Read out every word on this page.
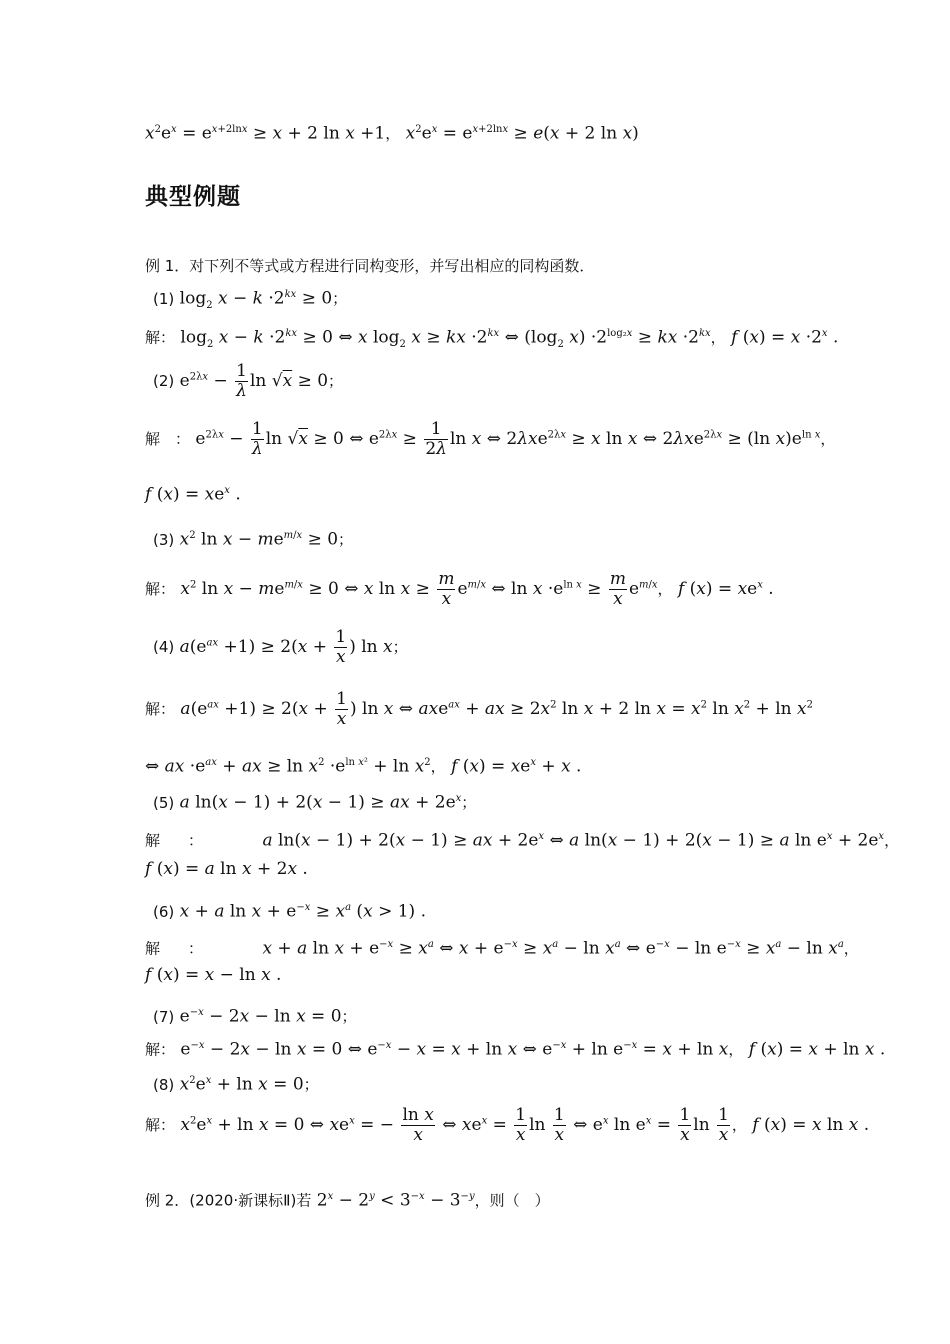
$x^2e^x = e^{x+2lnx} \ge x + 2$ ln x +1， $x^2e^x = e^{x+2lnx} \ge e(x + 2$ ln x)
典型例题
例 1．对下列不等式或方程进行同构变形，并写出相应的同构函数．
(1) $\log_2 x - k \cdot 2^{kx} \ge 0$；
解： $\log_2 x - k \cdot 2^{kx} \ge 0$ ⇔ x $\log_2 x$ ≥ kx $\cdot 2^{kx}$ ⇔ ($\log_2$ $x) \cdot 2^{log_2x}$ ≥ kx $\cdot 2^{kx}$， f $(x) = x \cdot 2^x$ .
(2) $e^{2\lambda x} - \frac{1}{\lambda}$ ln √x ≥ 0；
解　： $e^{2\lambda x} - \frac{1}{\lambda}$ ln √x ≥ 0 ⇔ $e^{2\lambda x} \ge \frac{1}{2\lambda}$ ln x ⇔ 2λxe$^{2\lambda x}$ ≥ x ln x ⇔ 2λxe$^{2\lambda x}$ ≥ (ln $x)e^{ln x}$，
f $(x) = xe^x$ .
(3) $x^2$ $\ln x - me^{m/x} \ge 0$；
解： $x^2$ $\ln x - me^{m/x} \ge 0$ ⇔ x $\ln x \ge \frac{m}{x} e^{m/x}$ ⇔ $\ln x \cdot e^{ln x} \ge \frac{m}{x} e^{m/x}$， f $(x) = xe^x$ .
(4) $a(e^{ax} +1) \ge 2(x + \frac{1}{x}$ ) ln x；
解： $a(e^{ax} +1) \ge 2(x + \frac{1}{x}$ ) ln x ⇔ axe$^{ax}$ + ax ≥ $2x^2$ ln x + 2 $\ln x = x^2$ $\ln x^2 + \ln x^2$
⇔ ax $\cdot e^{ax}$ + ax ≥ $\ln x^2 \cdot e^{ln x^2} + \ln x^2$， f $(x) = xe^x + x$ .
(5) a ln(x − 1) + 2(x − 1) ≥ ax + $2e^x$；
解 ：	a ln(x − 1) + 2(x − 1) ≥ ax + $2e^x$ ⇔ a ln(x − 1) + 2(x − 1) ≥ a $\ln e^x + 2e^x$，
f (x) = a ln x + 2x .
(6) x + a $\ln x + e^{-x} \ge x^a$ (x > 1) .
解 ：	x + a $\ln x + e^{-x} \ge x^a$ ⇔ $x + e^{-x} \ge x^a - \ln x^a$ ⇔ $e^{-x} - \ln e^{-x} \ge x^a - \ln x^a$，
f (x) = x − ln x .
(7) $e^{-x} - 2x - \ln x = 0$；
解： $e^{-x} - 2x - \ln x = 0$ ⇔ $e^{-x} - x = x + \ln x$ ⇔ $e^{-x} + \ln e^{-x} = x + \ln x$， f (x) = x + ln x .
(8) $x^2e^x + \ln x = 0$；
解： $x^2e^x + \ln x = 0$ ⇔ $xe^x$ = − $\frac{\text{ln x}}{x}$ ⇔ $xe^x = \frac{1}{x}$ $\ln \frac{1}{x}$ ⇔ $e^x$ $\ln e^x = \frac{1}{x}$ $\ln \frac{1}{x}$ ， f (x) = x ln x .
例 2．(2020·新课标Ⅱ)若 $2^x - 2^y < 3^{-x} - 3^{-y}$，则（　）
